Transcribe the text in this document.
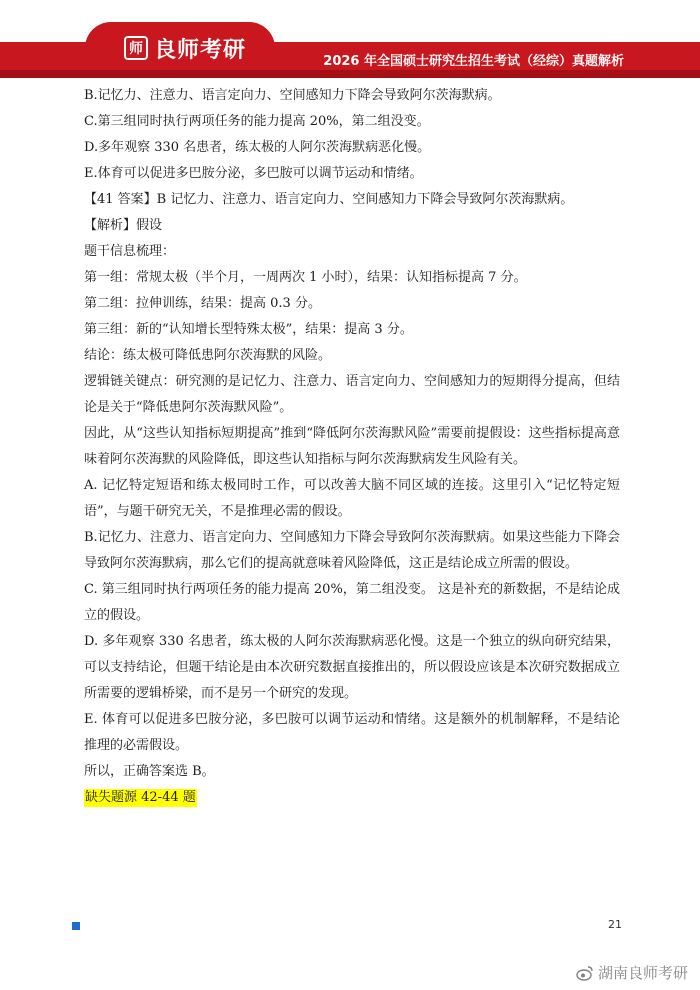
师 良师考研	2026 年全国硕士研究生招生考试（经综）真题解析

B.记忆力、注意力、语言定向力、空间感知力下降会导致阿尔茨海默病。

C.第三组同时执行两项任务的能力提高 20%，第二组没变。

D.多年观察 330 名患者，练太极的人阿尔茨海默病恶化慢。

E.体育可以促进多巴胺分泌，多巴胺可以调节运动和情绪。

【41 答案】B 记忆力、注意力、语言定向力、空间感知力下降会导致阿尔茨海默病。

【解析】假设

题干信息梳理：

第一组：常规太极（半个月，一周两次 1 小时），结果：认知指标提高 7 分。

第二组：拉伸训练，结果：提高 0.3 分。

第三组：新的“认知增长型特殊太极”，结果：提高 3 分。

结论：练太极可降低患阿尔茨海默的风险。

逻辑链关键点：研究测的是记忆力、注意力、语言定向力、空间感知力的短期得分提高，但结论是关于“降低患阿尔茨海默风险”。

因此，从“这些认知指标短期提高”推到“降低阿尔茨海默风险”需要前提假设：这些指标提高意味着阿尔茨海默的风险降低，即这些认知指标与阿尔茨海默病发生风险有关。

A. 记忆特定短语和练太极同时工作，可以改善大脑不同区域的连接。这里引入“记忆特定短语”，与题干研究无关，不是推理必需的假设。

B.记忆力、注意力、语言定向力、空间感知力下降会导致阿尔茨海默病。如果这些能力下降会导致阿尔茨海默病，那么它们的提高就意味着风险降低，这正是结论成立所需的假设。

C. 第三组同时执行两项任务的能力提高 20%，第二组没变。 这是补充的新数据，不是结论成立的假设。

D. 多年观察 330 名患者，练太极的人阿尔茨海默病恶化慢。这是一个独立的纵向研究结果，可以支持结论，但题干结论是由本次研究数据直接推出的，所以假设应该是本次研究数据成立所需要的逻辑桥梁，而不是另一个研究的发现。

E. 体育可以促进多巴胺分泌，多巴胺可以调节运动和情绪。这是额外的机制解释，不是结论推理的必需假设。

所以，正确答案选 B。

缺失题源 42-44 题

21
湖南良师考研
